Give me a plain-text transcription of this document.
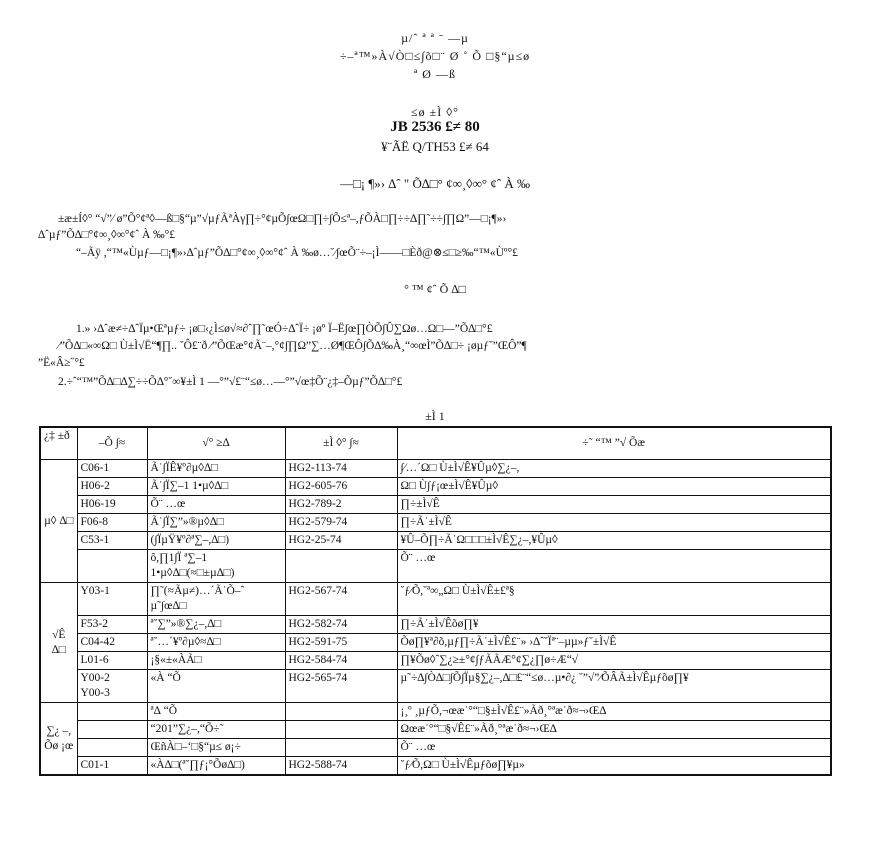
µ/ˆ ª ª ˉ —µ
÷–ª™»À√Ò□≤∫õ□¨ Ø ˚ Õ □§“µ≤ø
ª Ø —ß
≤ø ±Ì ◊°
JB 2536 £≠ 80
¥¨ÃË Q/TH53 £≠ 64
—□¡ ¶»› ∆ˆ " Õ∆□° ¢∞¸◊∞° ¢ˆ À ‰
±æ±Í◊° “√”⁄ ø”Õ°¢ª◊—ß□§“µ”√µƒÃªÀγ∏÷°¢µÕ∫œΩ□∏÷∫Õ≤ª–,ƒÕÀ□∏÷÷∆∏˜÷÷∫∏Ω”—□¡¶»›
∆ˆµƒ”Õ∆□°¢∞¸◊∞°¢ˆ À ‰°£
“–Ãÿ ,“™«Ùµƒ—□¡¶»›∆ˆµƒ”Õ∆□°¢∞¸◊∞°¢ˆ À ‰ø…˘⁄∫œÕ¨÷–¡Ì——□Èð@⊗≤□≥‰“™«Ùº°£
° ™ ¢ˆ Õ ∆□
1.» ›∆ˆæ≠÷∆ˆÏµ•Œªµƒ÷ ¡ø□‹¿Ì≤ø√≈∂ˆ∏˜œÓ÷∆ˆÏ÷ ¡øº Ï–Ë∫œ∏ÒÕ∫Û∑Ωø…Ω□––”Õ∆□°£
⁄”Õ∆□«∞Ω□ Ù±Ì√Ë“¶∏.. ˘Ô£¨ð ⁄”ÕŒæ°¢Ã¨–,°¢∫∏Ω”∑…Ø¶ŒÔ∫Õ∆‰À¸“∞œÌ”Õ∆□÷ ¡øµƒ˘”ŒÔ”¶
”Ë«Â≥˝°£
2.÷ˆ“™”Õ∆□∆∑÷÷Õ∆°˘∞¥±Ì 1 —°”√£¨“≤ø…—°”√œ‡Õ¨¿‡–Õµƒ”Õ∆□°£
±Ì 1
¿‡ ±ð	–Õ ∫≈	√° ≥∆	±Ì ◊° ∫≈	÷˜ “™ ”√ Õæ
µ◊ ∆□	C06-1	Ã˙∫ÏÊ¥º∂µ◊∆□	HG2-113-74	∫⁄…´Ω□ Ù±Ì√Ê¥Ûµ◊∑¿–,
	H06-2	Ã˙∫Ï∑–1 1•µ◊∆□	HG2-605-76	Ω□ Ù∫ƒ¡œ±Ì√Ê¥Ûµ◊
	H06-19	Õ¨ …œ	HG2-789-2	∏÷±Ì√Ê
	F06-8	Ã˙∫Ï∑”»®µ◊∆□	HG2-579-74	∏÷Ã˙±Ì√Ê
	C53-1	(∫ÏµŸ¥º∂ª∑–,∆□)	HG2-25-74	¥Û–Õ∏÷Ã˙Ω□□□±Ì√Ê∑¿–,¥Ûµ◊
		ô,∏1∫Ï ª∑–1 1•µ◊∆□(≈□±µ∆□)		Õ¨ …œ
√Ê ∆□	Y03-1	∏˜(≈Ãµ≠)…´Ã˙Õ–ˆ µ˜∫œ∆□	HG2-567-74	˘ƒ⁄Õ,˘ª∞„Ω□ Ù±Ì√Ê±£ª§
	F53-2	ª˘∑”»®∑¿–,∆□	HG2-582-74	∏÷Ã˙±Ì√Êõø∏¥
	C04-42	ª˘…´¥º∂µ◊≈∆□	HG2-591-75	Õø∏¥ª∂õ,µƒ∏÷Ã˙±Ì√Ê£¨» ›∆ˆ˘Ïª¨–µµ»ƒ˘±Ì√Ê
	L01-6	¡§«±«ÀÃ□	HG2-584-74	∏¥Õø◊ˆ∑¿≥±°¢∫ƒÃÃÆ°¢∑¿∏ø÷Æ“√
	Y00-2
Y00-3	«À “Õ	HG2-565-74	µ˜÷∆∫Ò∆□∫Õ∫Ïµ§∑¿–,∆□£¨“≤ø…µ•∂¿ ˘”√”⁄ÕÂÃ±Ì√Êµƒõø∏¥
∑¿ –, Õø ¡œ		ª∆ “Õ		¡¸º ¸µƒÕ,¬œæ˙°“□§±Ì√Ê£¨»Ãð¸°ªæ˙ð≈¬›Œ∆
		“201”∑¿–,“Õ÷˜		Ωœæ˙°“□§√Ê£¨»Ãð¸°ªæ˙ð≈¬›Œ∆
		ŒñÀ□–‘□§“µ≤ ø¡÷		Õ¨ …œ
	C01-1	«À∆□(ª˘∏ƒ¡°Õø∆□)	HG2-588-74	˘ƒ⁄Õ,Ω□ Ù±Ì√Êµƒõø∏¥µ»
